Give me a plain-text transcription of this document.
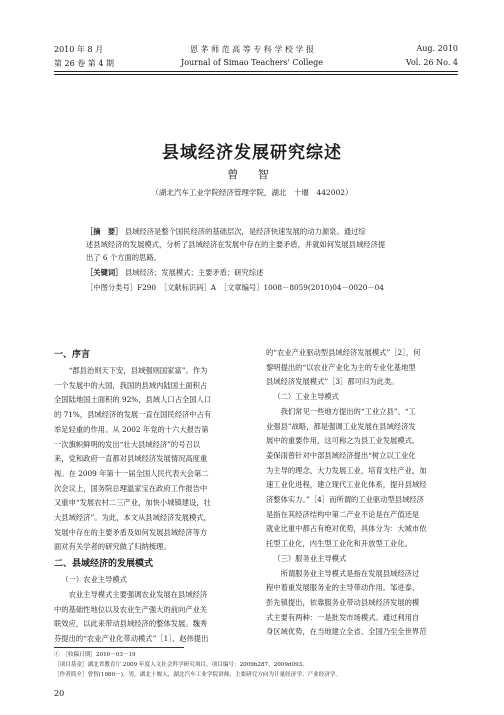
2010 年 8 月	恩 茅 师 范 高 等 专 科 学 校 学 报	Aug. 2010
第 26 卷 第 4 期	Journal of Simao Teachers' College	Vol. 26 No. 4
县域经济发展研究综述
曾 智
（湖北汽车工业学院经济管理学院，湖北　十堰　442002）
［摘　要］ 县域经济是整个国民经济的基础层次，是经济快速发展的动力源泉。通过综
述县域经济的发展模式，分析了县域经济在发展中存在的主要矛盾，并就如何发展县域经济提
出了 6 个方面的思路。
［关键词］ 县域经济；发展模式；主要矛盾；研究综述
［中图分类号］F290　［文献标识码］A　［文章编号］1008－8059(2010)04－0020－04

一、序言

“郡县治则天下安，县域强则国家富”。作为

一个发展中的大国，我国的县域内陆国土面积占

全国陆地国土面积的 92%，县域人口占全国人口

的 71%，县域经济的发展一直在国民经济中占有

举足轻重的作用。从 2002 年党的十六大报告第

一次旗帜鲜明的发出“壮大县域经济”的号召以

来，党和政府一直都对县域经济发展情况高度重

视。在 2009 年第十一届全国人民代表大会第二

次会议上，国务院总理温家宝在政府工作报告中

又重申“发展农村二三产业，加快小城镇建设，壮

大县域经济”。为此，本文从县域经济发展模式，

发展中存在的主要矛盾及如何发展县域经济等方

面对有关学者的研究做了归纳梳理。

二、县域经济的发展模式

（一）农业主导模式

农业主导模式主要强调农业发展在县域经济

中的基础性地位以及农业生产强大的前向产业关

联效应，以此来带动县域经济的整体发展。魏秀

芬提出的“农业产业化带动模式”［1］、赵伟提出

的“农业产业驱动型县域经济发展模式”［2］，何

黎明提出的“以农业产业化为主的专业化基地型

县域经济发展模式”［3］都可归为此类。

（二）工业主导模式

我们常见一些地方提出的“工业立县”、“工

业强县”战略，都是强调工业发展在县域经济发

展中的重要作用，这可称之为县工业发展模式。

姜保雨曾针对中部县域经济提出“树立以工业化

为主导的理念，大力发展工业，培育支柱产业，加

速工业化进程，建立现代工业化体系，提升县域经

济整体实力。”［4］而所谓的工业驱动型县域经济

是指在其经济结构中第二产业不论是在产值还是

就业比重中都占有绝对优势，具体分为：大城市依

托型工业化，内生型工业化和开放型工业化。

（三）服务业主导模式

所谓服务业主导模式是指在发展县域经济过

程中着重发展服务业的主导带动作用。邹进泰、

彭先镇提出，依靠服务业带动县域经济发展的模

式主要有两种：一是批发市场模式。通过利用自

身区域优势，在当地建立全省、全国乃至全世界范

①　［收稿日期］2010－03－19
［项目基金］湖北省教育厅 2009 年度人文社会科学研究项目，项目编号：2009b287，2009d093。
［作者简介］曾智(1980－)，男，湖北十堰人，湖北汽车工业学院讲师，主要研究方向为计量经济学、产业经济学。
20
